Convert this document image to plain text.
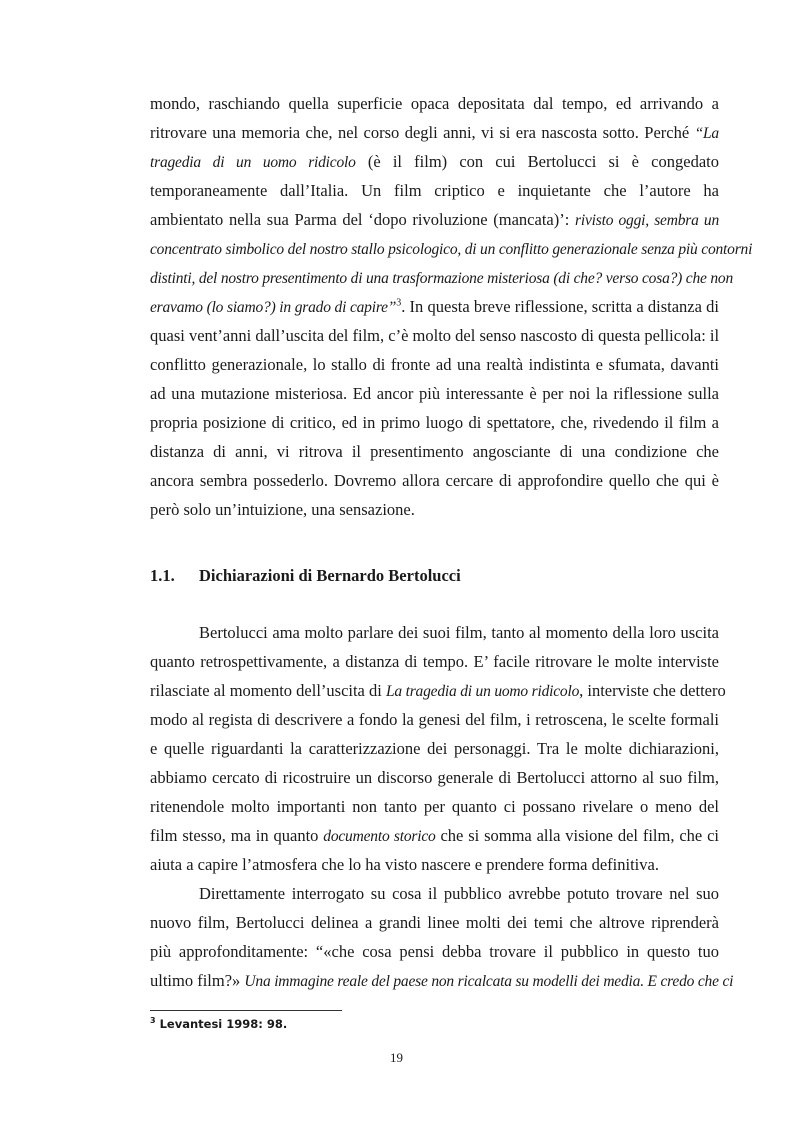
mondo, raschiando quella superficie opaca depositata dal tempo, ed arrivando a
ritrovare una memoria che, nel corso degli anni, vi si era nascosta sotto. Perché “La
tragedia di un uomo ridicolo (è il film) con cui Bertolucci si è congedato
temporaneamente dall’Italia. Un film criptico e inquietante che l’autore ha
ambientato nella sua Parma del ‘dopo rivoluzione (mancata)’: rivisto oggi, sembra un
concentrato simbolico del nostro stallo psicologico, di un conflitto generazionale senza più contorni
distinti, del nostro presentimento di una trasformazione misteriosa (di che? verso cosa?) che non
eravamo (lo siamo?) in grado di capire”$^3$. In questa breve riflessione, scritta a distanza di
quasi vent’anni dall’uscita del film, c’è molto del senso nascosto di questa pellicola: il
conflitto generazionale, lo stallo di fronte ad una realtà indistinta e sfumata, davanti
ad una mutazione misteriosa. Ed ancor più interessante è per noi la riflessione sulla
propria posizione di critico, ed in primo luogo di spettatore, che, rivedendo il film a
distanza di anni, vi ritrova il presentimento angosciante di una condizione che
ancora sembra possederlo. Dovremo allora cercare di approfondire quello che qui è
però solo un’intuizione, una sensazione.
1.1. Dichiarazioni di Bernardo Bertolucci
Bertolucci ama molto parlare dei suoi film, tanto al momento della loro uscita
quanto retrospettivamente, a distanza di tempo. E’ facile ritrovare le molte interviste
rilasciate al momento dell’uscita di La tragedia di un uomo ridicolo, interviste che dettero
modo al regista di descrivere a fondo la genesi del film, i retroscena, le scelte formali
e quelle riguardanti la caratterizzazione dei personaggi. Tra le molte dichiarazioni,
abbiamo cercato di ricostruire un discorso generale di Bertolucci attorno al suo film,
ritenendole molto importanti non tanto per quanto ci possano rivelare o meno del
film stesso, ma in quanto documento storico che si somma alla visione del film, che ci
aiuta a capire l’atmosfera che lo ha visto nascere e prendere forma definitiva.
Direttamente interrogato su cosa il pubblico avrebbe potuto trovare nel suo
nuovo film, Bertolucci delinea a grandi linee molti dei temi che altrove riprenderà
più approfonditamente: “«che cosa pensi debba trovare il pubblico in questo tuo
ultimo film?» Una immagine reale del paese non ricalcata su modelli dei media. E credo che ci
$^3$ Levantesi 1998: 98.
19
